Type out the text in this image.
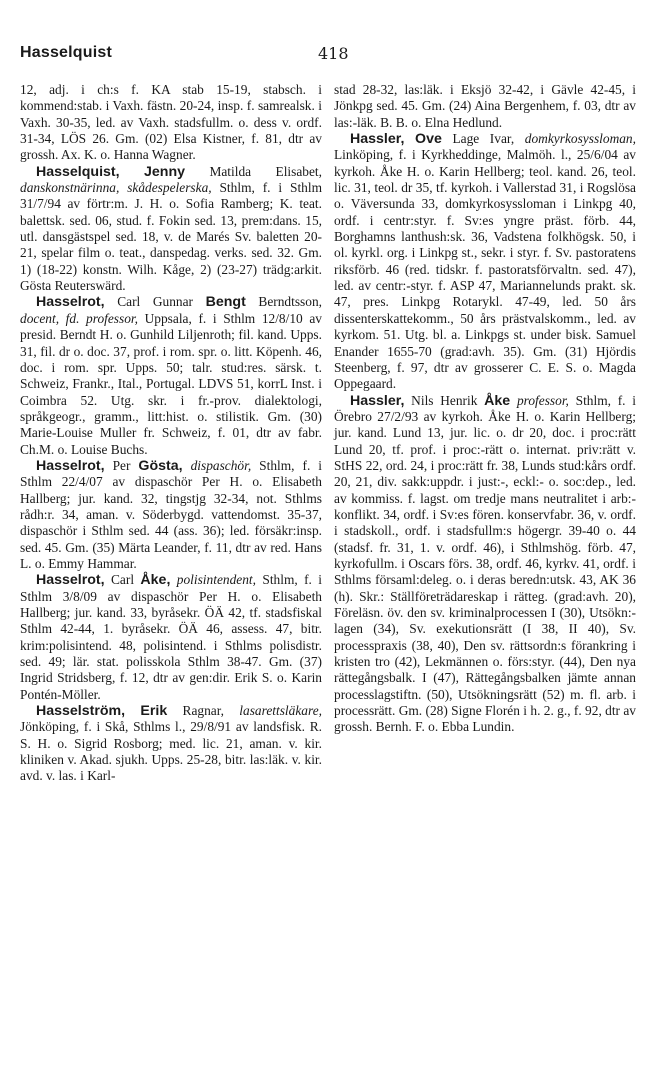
Hasselquist	418

12, adj. i ch:s f. KA stab 15-19, stabsch. i kommend:stab. i Vaxh. fästn. 20-24, insp. f. samrealsk. i Vaxh. 30-35, led. av Vaxh. stadsfullm. o. dess v. ordf. 31-34, LÖS 26. Gm. (02) Elsa Kistner, f. 81, dtr av grossh. Ax. K. o. Hanna Wagner.

Hasselquist, Jenny Matilda Elisabet, danskonstnärinna, skådespelerska, Sthlm, f. i Sthlm 31/7/94 av förtr:m. J. H. o. Sofia Ramberg; K. teat. balettsk. sed. 06, stud. f. Fokin sed. 13, prem:dans. 15, utl. dansgästspel sed. 18, v. de Marés Sv. baletten 20-21, spelar film o. teat., danspedag. verks. sed. 32. Gm. 1) (18-22) konstn. Wilh. Kåge, 2) (23-27) trädg:arkit. Gösta Reuterswärd.

Hasselrot, Carl Gunnar Bengt Berndtsson, docent, fd. professor, Uppsala, f. i Sthlm 12/8/10 av presid. Berndt H. o. Gunhild Liljenroth; fil. kand. Upps. 31, fil. dr o. doc. 37, prof. i rom. spr. o. litt. Köpenh. 46, doc. i rom. spr. Upps. 50; talr. stud:res. särsk. t. Schweiz, Frankr., Ital., Portugal. LDVS 51, korrL Inst. i Coimbra 52. Utg. skr. i fr.-prov. dialektologi, språkgeogr., gramm., litt:hist. o. stilistik. Gm. (30) Marie-Louise Muller fr. Schweiz, f. 01, dtr av fabr. Ch.M. o. Louise Buchs.

Hasselrot, Per Gösta, dispaschör, Sthlm, f. i Sthlm 22/4/07 av dispaschör Per H. o. Elisabeth Hallberg; jur. kand. 32, tingstjg 32-34, not. Sthlms rådh:r. 34, aman. v. Söderbygd. vattendomst. 35-37, dispaschör i Sthlm sed. 44 (ass. 36); led. försäkr:insp. sed. 45. Gm. (35) Märta Leander, f. 11, dtr av red. Hans L. o. Emmy Hammar.

Hasselrot, Carl Åke, polisintendent, Sthlm, f. i Sthlm 3/8/09 av dispaschör Per H. o. Elisabeth Hallberg; jur. kand. 33, byråsekr. ÖÄ 42, tf. stadsfiskal Sthlm 42-44, 1. byråsekr. ÖÄ 46, assess. 47, bitr. krim:polisintend. 48, polisintend. i Sthlms polisdistr. sed. 49; lär. stat. polisskola Sthlm 38-47. Gm. (37) Ingrid Stridsberg, f. 12, dtr av gen:dir. Erik S. o. Karin Pontén-Möller.

Hasselström, Erik Ragnar, lasarettsläkare, Jönköping, f. i Skå, Sthlms l., 29/8/91 av landsfisk. R. S. H. o. Sigrid Rosborg; med. lic. 21, aman. v. kir. kliniken v. Akad. sjukh. Upps. 25-28, bitr. las:läk. v. kir. avd. v. las. i Karl-

stad 28-32, las:läk. i Eksjö 32-42, i Gävle 42-45, i Jönkpg sed. 45. Gm. (24) Aina Bergenhem, f. 03, dtr av las:-läk. B. B. o. Elna Hedlund.

Hassler, Ove Lage Ivar, domkyrkosyssloman, Linköping, f. i Kyrkheddinge, Malmöh. l., 25/6/04 av kyrkoh. Åke H. o. Karin Hellberg; teol. kand. 26, teol. lic. 31, teol. dr 35, tf. kyrkoh. i Vallerstad 31, i Rogslösa o. Väversunda 33, domkyrkosyssloman i Linkpg 40, ordf. i centr:styr. f. Sv:es yngre präst. förb. 44, Borghamns lanthush:sk. 36, Vadstena folkhögsk. 50, i ol. kyrkl. org. i Linkpg st., sekr. i styr. f. Sv. pastoratens riksförb. 46 (red. tidskr. f. pastoratsförvaltn. sed. 47), led. av centr:-styr. f. ASP 47, Mariannelunds prakt. sk. 47, pres. Linkpg Rotarykl. 47-49, led. 50 års dissenterskattekomm., 50 års prästvalskomm., led. av kyrkom. 51. Utg. bl. a. Linkpgs st. under bisk. Samuel Enander 1655-70 (grad:avh. 35). Gm. (31) Hjördis Steenberg, f. 97, dtr av grosserer C. E. S. o. Magda Oppegaard.

Hassler, Nils Henrik Åke professor, Sthlm, f. i Örebro 27/2/93 av kyrkoh. Åke H. o. Karin Hellberg; jur. kand. Lund 13, jur. lic. o. dr 20, doc. i proc:rätt Lund 20, tf. prof. i proc:-rätt o. internat. priv:rätt v. StHS 22, ord. 24, i proc:rätt fr. 38, Lunds stud:kårs ordf. 20, 21, div. sakk:uppdr. i just:-, eckl:- o. soc:dep., led. av kommiss. f. lagst. om tredje mans neutralitet i arb:-konflikt. 34, ordf. i Sv:es fören. konservfabr. 36, v. ordf. i stadskoll., ordf. i stadsfullm:s högergr. 39-40 o. 44 (stadsf. fr. 31, 1. v. ordf. 46), i Sthlmshög. förb. 47, kyrkofullm. i Oscars förs. 38, ordf. 46, kyrkv. 41, ordf. i Sthlms församl:deleg. o. i deras beredn:utsk. 43, AK 36 (h). Skr.: Ställföreträdareskap i rätteg. (grad:avh. 20), Föreläsn. öv. den sv. kriminalprocessen I (30), Utsökn:-lagen (34), Sv. exekutionsrätt (I 38, II 40), Sv. processpraxis (38, 40), Den sv. rättsordn:s förankring i kristen tro (42), Lekmännen o. förs:styr. (44), Den nya rättegångsbalk. I (47), Rättegångsbalken jämte annan processlagstiftn. (50), Utsökningsrätt (52) m. fl. arb. i processrätt. Gm. (28) Signe Florén i h. 2. g., f. 92, dtr av grossh. Bernh. F. o. Ebba Lundin.
